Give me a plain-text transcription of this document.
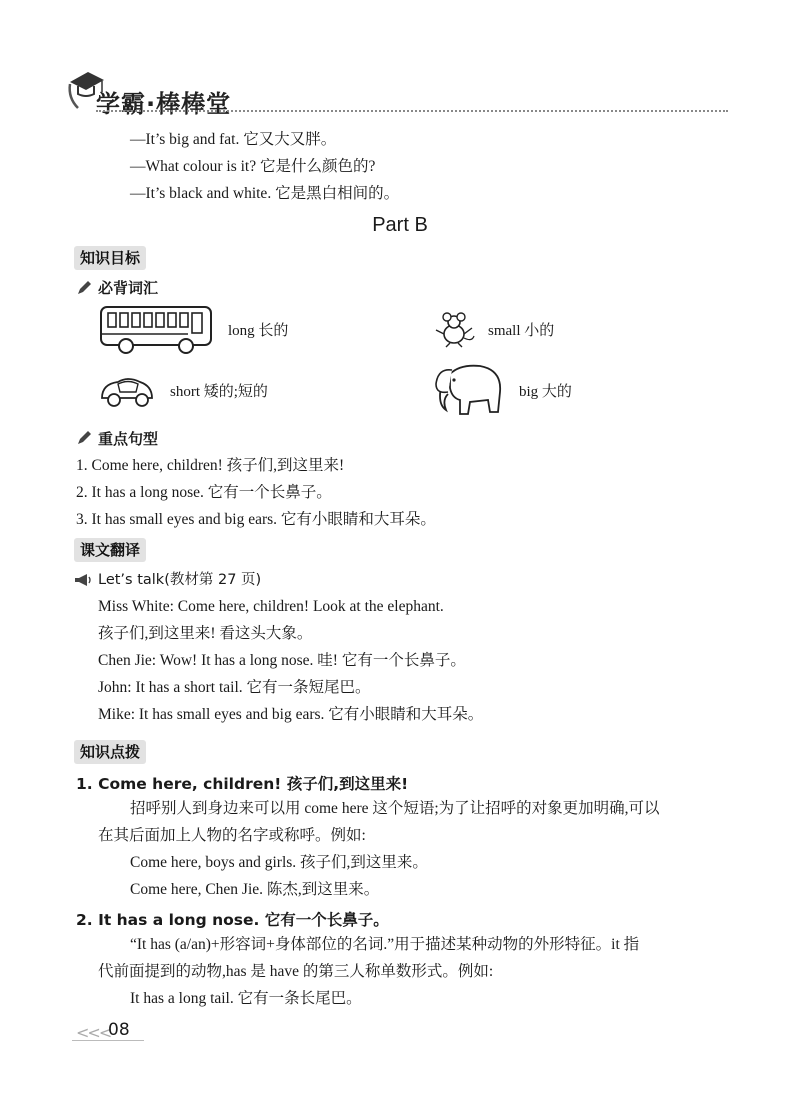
学霸·棒棒堂
—It’s big and fat. 它又大又胖。
—What colour is it? 它是什么颜色的?
—It’s black and white. 它是黑白相间的。
Part B
知识目标
必背词汇
long 长的	small 小的
short 矮的;短的	big 大的
重点句型
1. Come here, children! 孩子们,到这里来!
2. It has a long nose. 它有一个长鼻子。
3. It has small eyes and big ears. 它有小眼睛和大耳朵。
课文翻译
Let’s talk(教材第 27 页)
Miss White: Come here, children! Look at the elephant.
孩子们,到这里来! 看这头大象。
Chen Jie: Wow! It has a long nose. 哇! 它有一个长鼻子。
John: It has a short tail. 它有一条短尾巴。
Mike: It has small eyes and big ears. 它有小眼睛和大耳朵。
知识点拨
1. Come here, children! 孩子们,到这里来!
招呼别人到身边来可以用 come here 这个短语;为了让招呼的对象更加明确,可以
在其后面加上人物的名字或称呼。例如:
Come here, boys and girls. 孩子们,到这里来。
Come here, Chen Jie. 陈杰,到这里来。
2. It has a long nose. 它有一个长鼻子。
“It has (a/an)+形容词+身体部位的名词.”用于描述某种动物的外形特征。it 指
代前面提到的动物,has 是 have 的第三人称单数形式。例如:
It has a long tail. 它有一条长尾巴。
<<<
08
